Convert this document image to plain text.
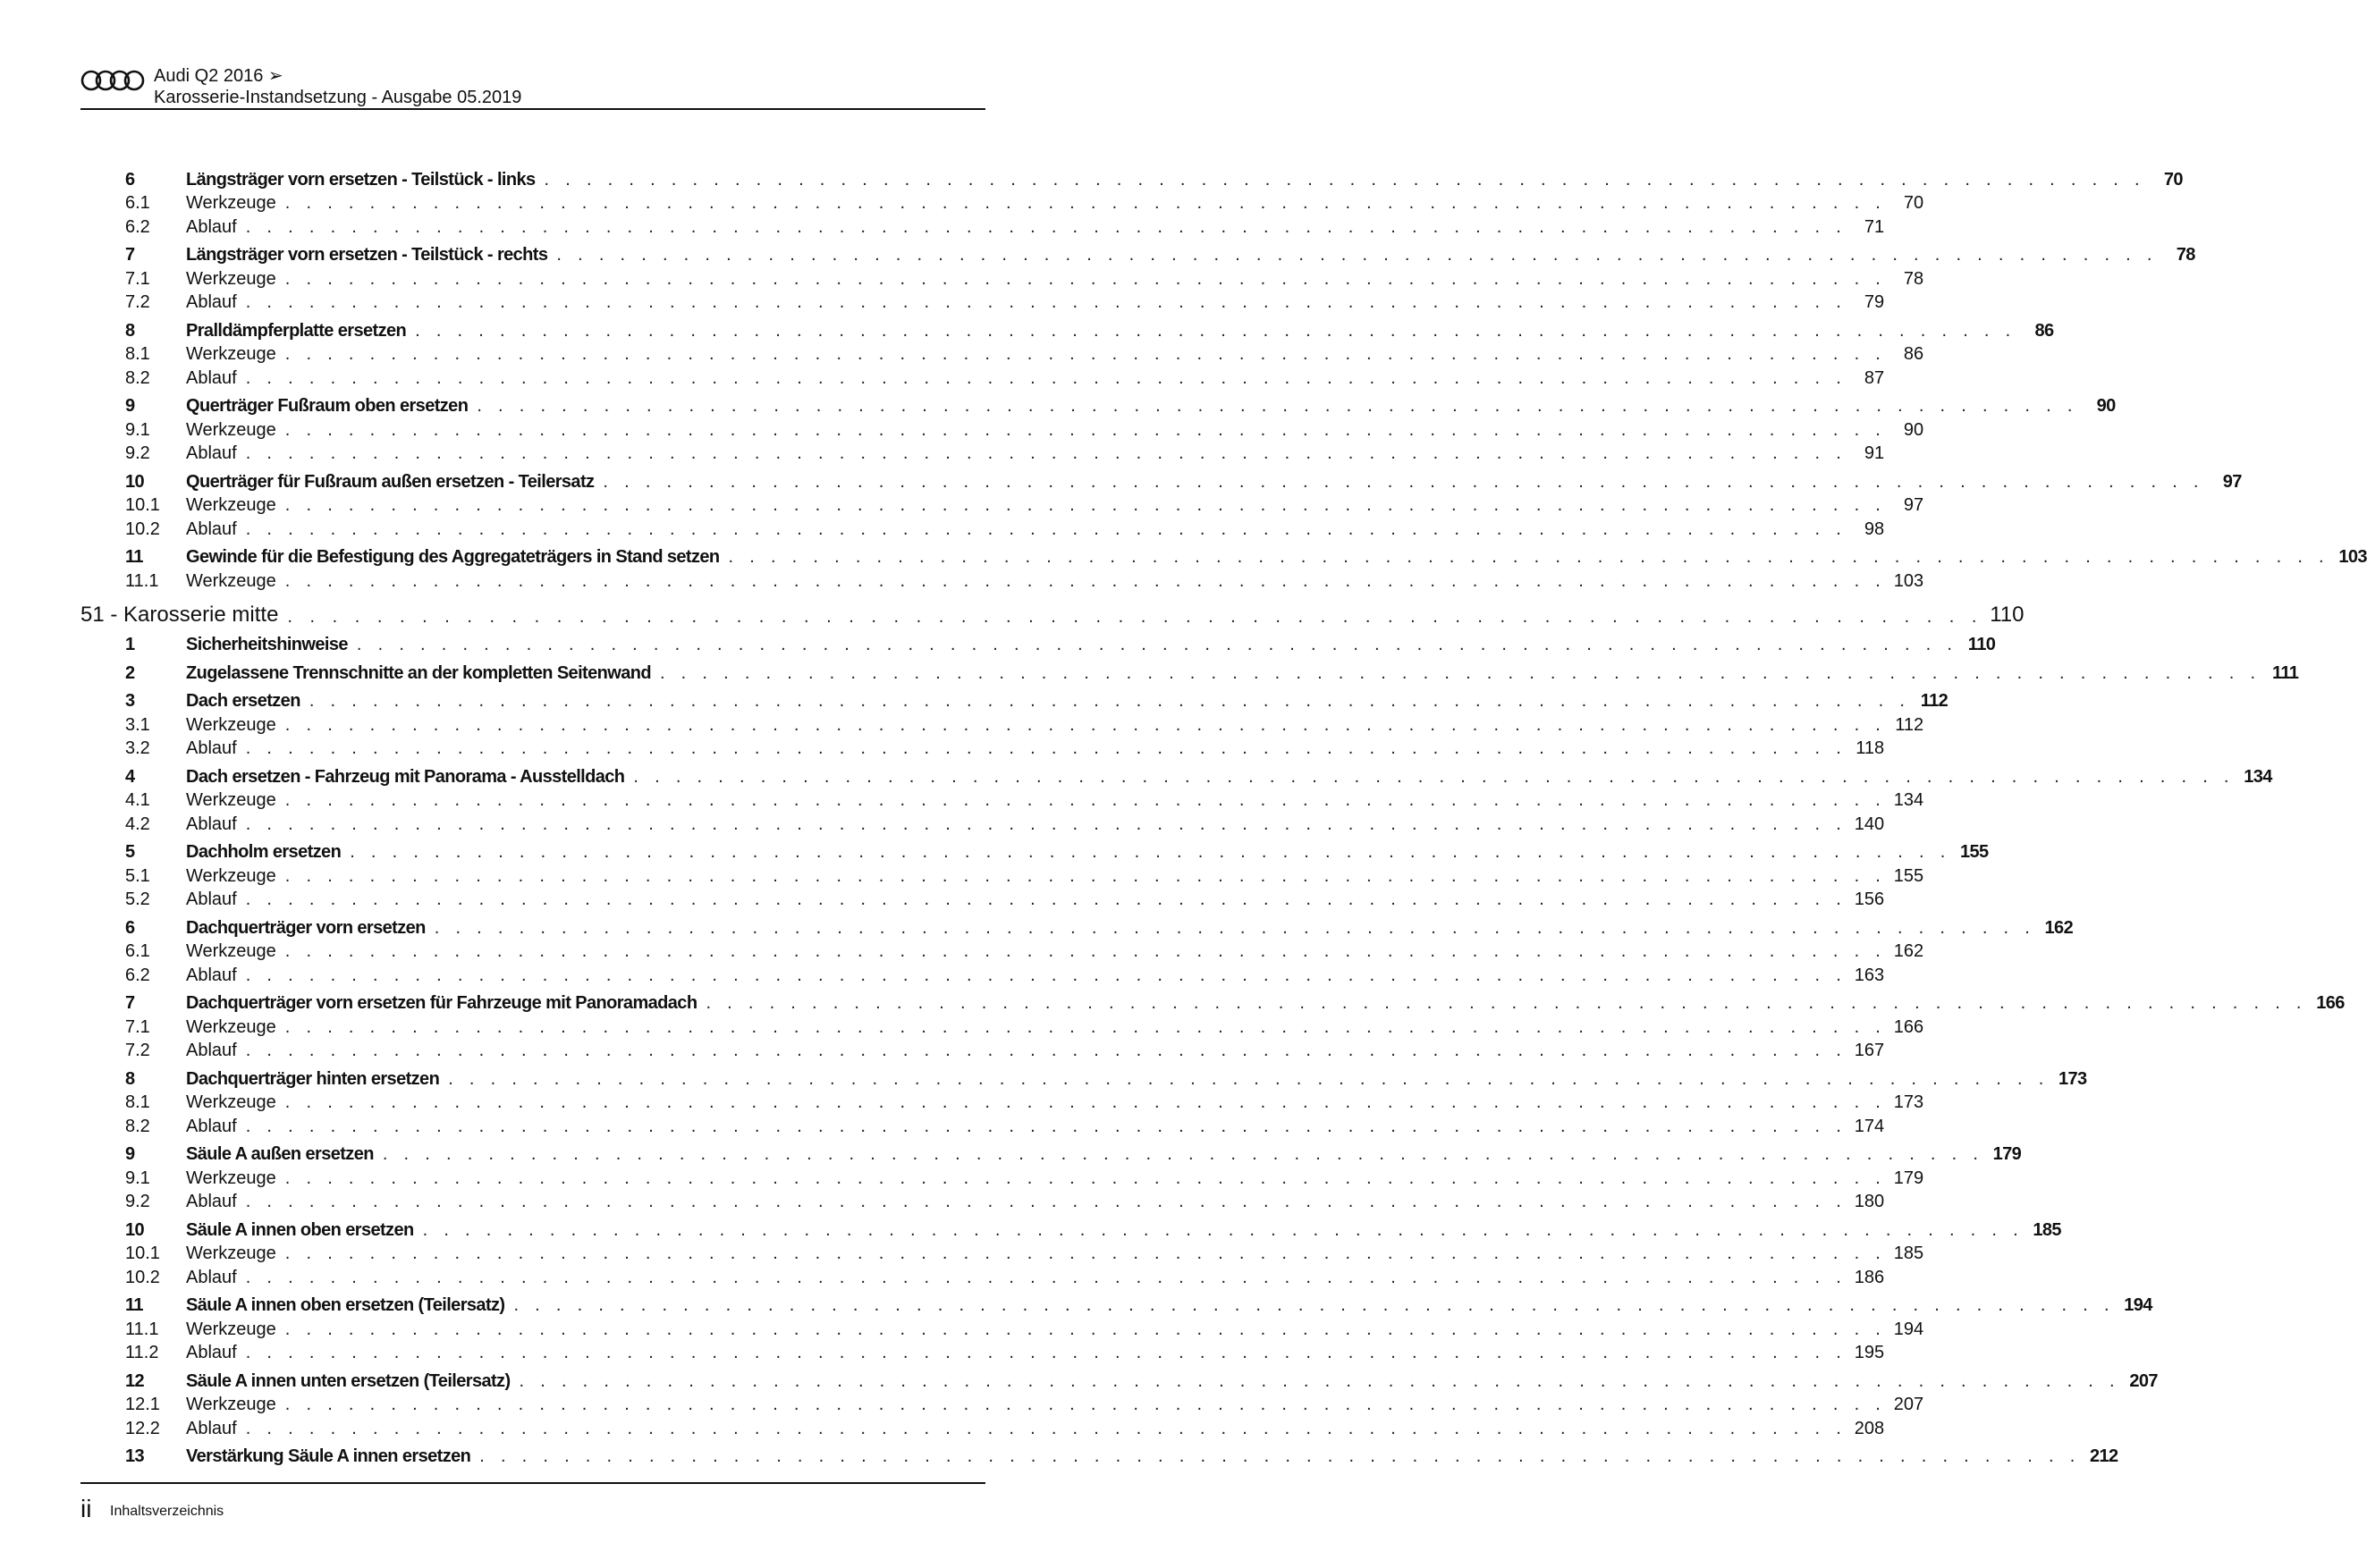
Audi Q2 2016 ➢
Karosserie-Instandsetzung - Ausgabe 05.2019
6	Längsträger vorn ersetzen - Teilstück - links . . . . . . . . . . . . . . . . . . . . . . . . . . . . . . . . . . . . . . . . . . . . . . . . . . . . . . . . . . . . . . . . . . . . . . . . . . . .	70
6.1	Werkzeuge . . . . . . . . . . . . . . . . . . . . . . . . . . . . . . . . . . . . . . . . . . . . . . . . . . . . . . . . . . . . . . . . . . . . . . . . . . . . 70
6.2	Ablauf . . . . . . . . . . . . . . . . . . . . . . . . . . . . . . . . . . . . . . . . . . . . . . . . . . . . . . . . . . . . . . . . . . . . . . . . . . . . 71
7	Längsträger vorn ersetzen - Teilstück - rechts . . . . . . . . . . . . . . . . . . . . . . . . . . . . . . . . . . . . . . . . . . . . . . . . . . . . . . . . . . . . . . . . . . . . . . . . . . . .	78
7.1	Werkzeuge . . . . . . . . . . . . . . . . . . . . . . . . . . . . . . . . . . . . . . . . . . . . . . . . . . . . . . . . . . . . . . . . . . . . . . . . . . . . 78
7.2	Ablauf . . . . . . . . . . . . . . . . . . . . . . . . . . . . . . . . . . . . . . . . . . . . . . . . . . . . . . . . . . . . . . . . . . . . . . . . . . . . 79
8	Pralldämpferplatte ersetzen . . . . . . . . . . . . . . . . . . . . . . . . . . . . . . . . . . . . . . . . . . . . . . . . . . . . . . . . . . . . . . . . . . . . . . . . . . . .	86
8.1	Werkzeuge . . . . . . . . . . . . . . . . . . . . . . . . . . . . . . . . . . . . . . . . . . . . . . . . . . . . . . . . . . . . . . . . . . . . . . . . . . . . 86
8.2	Ablauf . . . . . . . . . . . . . . . . . . . . . . . . . . . . . . . . . . . . . . . . . . . . . . . . . . . . . . . . . . . . . . . . . . . . . . . . . . . . 87
9	Querträger Fußraum oben ersetzen . . . . . . . . . . . . . . . . . . . . . . . . . . . . . . . . . . . . . . . . . . . . . . . . . . . . . . . . . . . . . . . . . . . . . . . . . . . .	90
9.1	Werkzeuge . . . . . . . . . . . . . . . . . . . . . . . . . . . . . . . . . . . . . . . . . . . . . . . . . . . . . . . . . . . . . . . . . . . . . . . . . . . . 90
9.2	Ablauf . . . . . . . . . . . . . . . . . . . . . . . . . . . . . . . . . . . . . . . . . . . . . . . . . . . . . . . . . . . . . . . . . . . . . . . . . . . . 91
10	Querträger für Fußraum außen ersetzen - Teilersatz . . . . . . . . . . . . . . . . . . . . . . . . . . . . . . . . . . . . . . . . . . . . . . . . . . . . . . . . . . . . . . . . . . . . . . . . . . . .	97
10.1	Werkzeuge . . . . . . . . . . . . . . . . . . . . . . . . . . . . . . . . . . . . . . . . . . . . . . . . . . . . . . . . . . . . . . . . . . . . . . . . . . . . 97
10.2	Ablauf . . . . . . . . . . . . . . . . . . . . . . . . . . . . . . . . . . . . . . . . . . . . . . . . . . . . . . . . . . . . . . . . . . . . . . . . . . . . 98
11	Gewinde für die Befestigung des Aggregateträgers in Stand setzen . . . . . . . . . . . . . . . . . . . . . . . . . . . . . . . . . . . . . . . . . . . . . . . . . . . . . . . . . . . . . . . . . . . . . . . . . . . . 103
11.1	Werkzeuge . . . . . . . . . . . . . . . . . . . . . . . . . . . . . . . . . . . . . . . . . . . . . . . . . . . . . . . . . . . . . . . . . . . . . . . . . . . . 103
51 - Karosserie mitte . . . . . . . . . . . . . . . . . . . . . . . . . . . . . . . . . . . . . . . . . . . . . . . . . . . . . . . . . . . . . . . . . . . . . . . . . . . . 110
1	Sicherheitshinweise . . . . . . . . . . . . . . . . . . . . . . . . . . . . . . . . . . . . . . . . . . . . . . . . . . . . . . . . . . . . . . . . . . . . . . . . . . . . 110
2	Zugelassene Trennschnitte an der kompletten Seitenwand . . . . . . . . . . . . . . . . . . . . . . . . . . . . . . . . . . . . . . . . . . . . . . . . . . . . . . . . . . . . . . . . . . . . . . . . . . . . 111
3	Dach ersetzen . . . . . . . . . . . . . . . . . . . . . . . . . . . . . . . . . . . . . . . . . . . . . . . . . . . . . . . . . . . . . . . . . . . . . . . . . . . . 112
3.1	Werkzeuge . . . . . . . . . . . . . . . . . . . . . . . . . . . . . . . . . . . . . . . . . . . . . . . . . . . . . . . . . . . . . . . . . . . . . . . . . . . . 112
3.2	Ablauf . . . . . . . . . . . . . . . . . . . . . . . . . . . . . . . . . . . . . . . . . . . . . . . . . . . . . . . . . . . . . . . . . . . . . . . . . . . . 118
4	Dach ersetzen - Fahrzeug mit Panorama - Ausstelldach . . . . . . . . . . . . . . . . . . . . . . . . . . . . . . . . . . . . . . . . . . . . . . . . . . . . . . . . . . . . . . . . . . . . . . . . . . . . 134
4.1	Werkzeuge . . . . . . . . . . . . . . . . . . . . . . . . . . . . . . . . . . . . . . . . . . . . . . . . . . . . . . . . . . . . . . . . . . . . . . . . . . . . 134
4.2	Ablauf . . . . . . . . . . . . . . . . . . . . . . . . . . . . . . . . . . . . . . . . . . . . . . . . . . . . . . . . . . . . . . . . . . . . . . . . . . . . 140
5	Dachholm ersetzen . . . . . . . . . . . . . . . . . . . . . . . . . . . . . . . . . . . . . . . . . . . . . . . . . . . . . . . . . . . . . . . . . . . . . . . . . . . . 155
5.1	Werkzeuge . . . . . . . . . . . . . . . . . . . . . . . . . . . . . . . . . . . . . . . . . . . . . . . . . . . . . . . . . . . . . . . . . . . . . . . . . . . . 155
5.2	Ablauf . . . . . . . . . . . . . . . . . . . . . . . . . . . . . . . . . . . . . . . . . . . . . . . . . . . . . . . . . . . . . . . . . . . . . . . . . . . . 156
6	Dachquerträger vorn ersetzen . . . . . . . . . . . . . . . . . . . . . . . . . . . . . . . . . . . . . . . . . . . . . . . . . . . . . . . . . . . . . . . . . . . . . . . . . . . . 162
6.1	Werkzeuge . . . . . . . . . . . . . . . . . . . . . . . . . . . . . . . . . . . . . . . . . . . . . . . . . . . . . . . . . . . . . . . . . . . . . . . . . . . . 162
6.2	Ablauf . . . . . . . . . . . . . . . . . . . . . . . . . . . . . . . . . . . . . . . . . . . . . . . . . . . . . . . . . . . . . . . . . . . . . . . . . . . . 163
7	Dachquerträger vorn ersetzen für Fahrzeuge mit Panoramadach . . . . . . . . . . . . . . . . . . . . . . . . . . . . . . . . . . . . . . . . . . . . . . . . . . . . . . . . . . . . . . . . . . . . . . . . . . . . 166
7.1	Werkzeuge . . . . . . . . . . . . . . . . . . . . . . . . . . . . . . . . . . . . . . . . . . . . . . . . . . . . . . . . . . . . . . . . . . . . . . . . . . . . 166
7.2	Ablauf . . . . . . . . . . . . . . . . . . . . . . . . . . . . . . . . . . . . . . . . . . . . . . . . . . . . . . . . . . . . . . . . . . . . . . . . . . . . 167
8	Dachquerträger hinten ersetzen . . . . . . . . . . . . . . . . . . . . . . . . . . . . . . . . . . . . . . . . . . . . . . . . . . . . . . . . . . . . . . . . . . . . . . . . . . . . 173
8.1	Werkzeuge . . . . . . . . . . . . . . . . . . . . . . . . . . . . . . . . . . . . . . . . . . . . . . . . . . . . . . . . . . . . . . . . . . . . . . . . . . . . 173
8.2	Ablauf . . . . . . . . . . . . . . . . . . . . . . . . . . . . . . . . . . . . . . . . . . . . . . . . . . . . . . . . . . . . . . . . . . . . . . . . . . . . 174
9	Säule A außen ersetzen . . . . . . . . . . . . . . . . . . . . . . . . . . . . . . . . . . . . . . . . . . . . . . . . . . . . . . . . . . . . . . . . . . . . . . . . . . . . 179
9.1	Werkzeuge . . . . . . . . . . . . . . . . . . . . . . . . . . . . . . . . . . . . . . . . . . . . . . . . . . . . . . . . . . . . . . . . . . . . . . . . . . . . 179
9.2	Ablauf . . . . . . . . . . . . . . . . . . . . . . . . . . . . . . . . . . . . . . . . . . . . . . . . . . . . . . . . . . . . . . . . . . . . . . . . . . . . 180
10	Säule A innen oben ersetzen . . . . . . . . . . . . . . . . . . . . . . . . . . . . . . . . . . . . . . . . . . . . . . . . . . . . . . . . . . . . . . . . . . . . . . . . . . . . 185
10.1	Werkzeuge . . . . . . . . . . . . . . . . . . . . . . . . . . . . . . . . . . . . . . . . . . . . . . . . . . . . . . . . . . . . . . . . . . . . . . . . . . . . 185
10.2	Ablauf . . . . . . . . . . . . . . . . . . . . . . . . . . . . . . . . . . . . . . . . . . . . . . . . . . . . . . . . . . . . . . . . . . . . . . . . . . . . 186
11	Säule A innen oben ersetzen (Teilersatz) . . . . . . . . . . . . . . . . . . . . . . . . . . . . . . . . . . . . . . . . . . . . . . . . . . . . . . . . . . . . . . . . . . . . . . . . . . . . 194
11.1	Werkzeuge . . . . . . . . . . . . . . . . . . . . . . . . . . . . . . . . . . . . . . . . . . . . . . . . . . . . . . . . . . . . . . . . . . . . . . . . . . . . 194
11.2	Ablauf . . . . . . . . . . . . . . . . . . . . . . . . . . . . . . . . . . . . . . . . . . . . . . . . . . . . . . . . . . . . . . . . . . . . . . . . . . . . 195
12	Säule A innen unten ersetzen (Teilersatz) . . . . . . . . . . . . . . . . . . . . . . . . . . . . . . . . . . . . . . . . . . . . . . . . . . . . . . . . . . . . . . . . . . . . . . . . . . . . 207
12.1	Werkzeuge . . . . . . . . . . . . . . . . . . . . . . . . . . . . . . . . . . . . . . . . . . . . . . . . . . . . . . . . . . . . . . . . . . . . . . . . . . . . 207
12.2	Ablauf . . . . . . . . . . . . . . . . . . . . . . . . . . . . . . . . . . . . . . . . . . . . . . . . . . . . . . . . . . . . . . . . . . . . . . . . . . . . 208
13	Verstärkung Säule A innen ersetzen . . . . . . . . . . . . . . . . . . . . . . . . . . . . . . . . . . . . . . . . . . . . . . . . . . . . . . . . . . . . . . . . . . . . . . . . . . . . 212
ii Inhaltsverzeichnis
